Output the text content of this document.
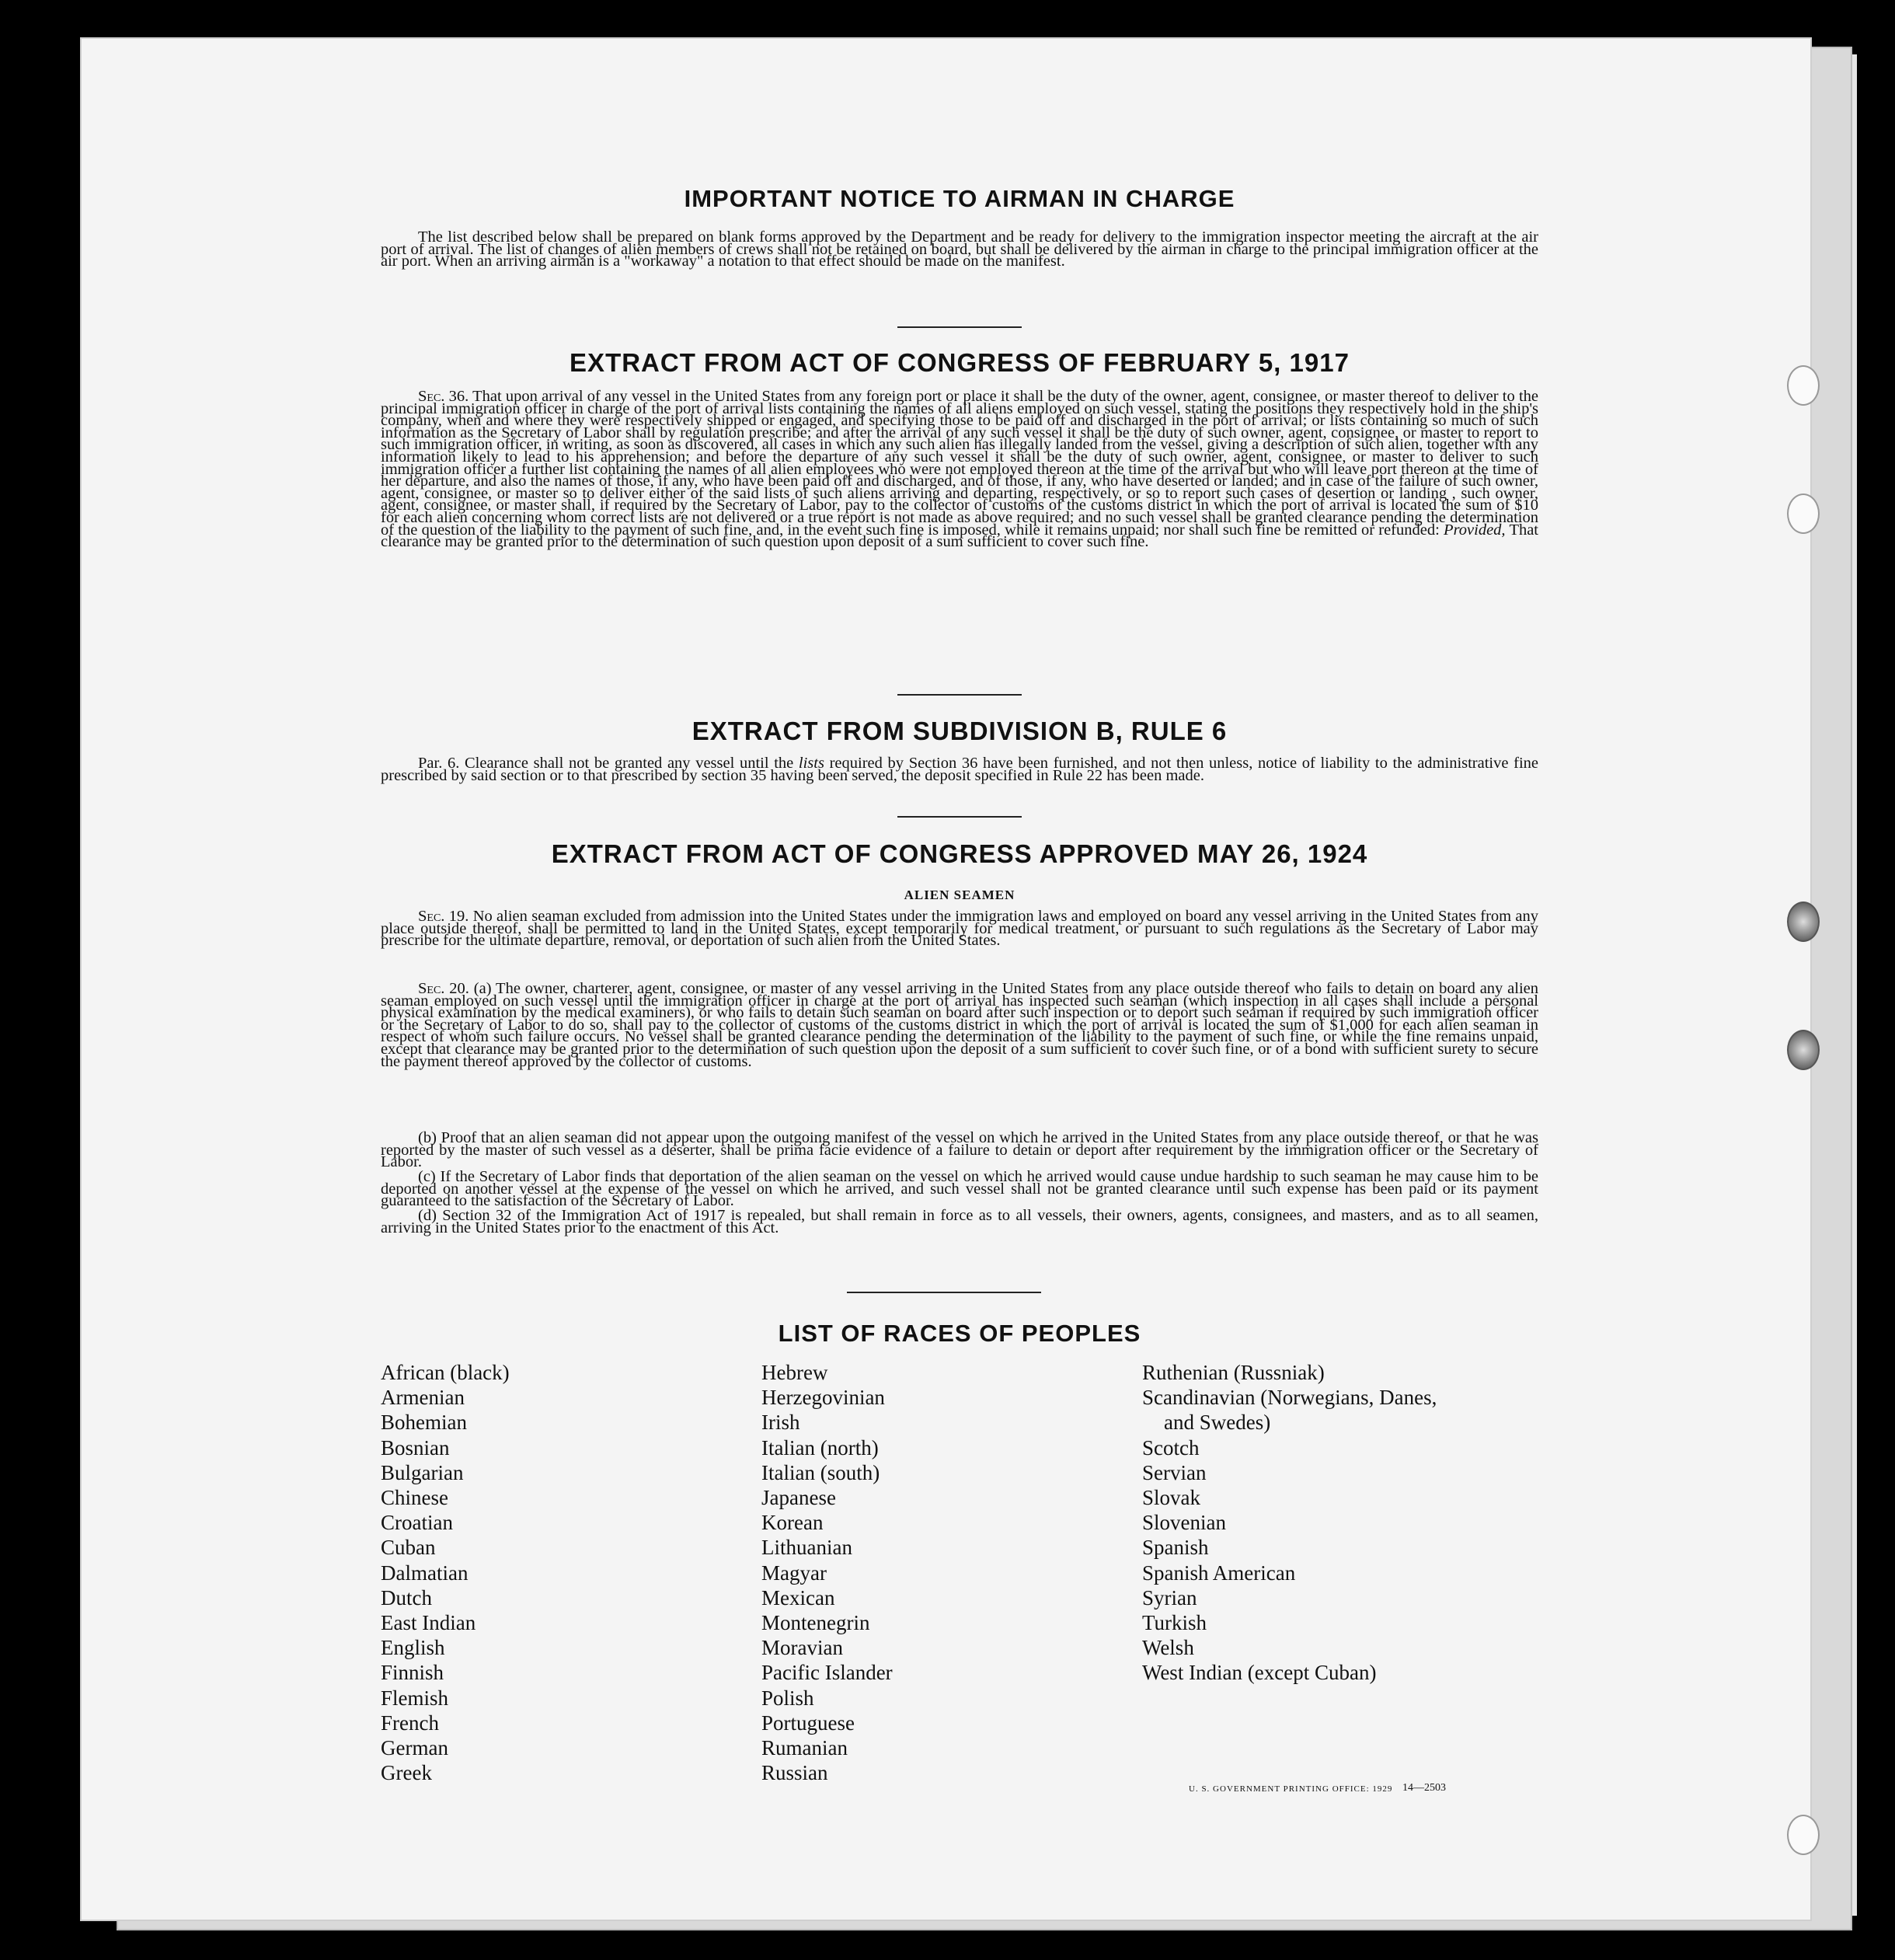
IMPORTANT NOTICE TO AIRMAN IN CHARGE

The list described below shall be prepared on blank forms approved by the Department and be ready for delivery to the immigration inspector meeting the aircraft at the air port of arrival. The list of changes of alien members of crews shall not be retained on board, but shall be delivered by the airman in charge to the principal immigration officer at the air port. When an arriving airman is a "workaway" a notation to that effect should be made on the manifest.

EXTRACT FROM ACT OF CONGRESS OF FEBRUARY 5, 1917

Sec. 36. That upon arrival of any vessel in the United States from any foreign port or place it shall be the duty of the owner, agent, consignee, or master thereof to deliver to the principal immigration officer in charge of the port of arrival lists containing the names of all aliens employed on such vessel, stating the positions they respectively hold in the ship's company, when and where they were respectively shipped or engaged, and specifying those to be paid off and discharged in the port of arrival; or lists containing so much of such information as the Secretary of Labor shall by regulation prescribe; and after the arrival of any such vessel it shall be the duty of such owner, agent, consignee, or master to report to such immigration officer, in writing, as soon as discovered, all cases in which any such alien has illegally landed from the vessel, giving a description of such alien, together with any information likely to lead to his apprehension; and before the departure of any such vessel it shall be the duty of such owner, agent, consignee, or master to deliver to such immigration officer a further list containing the names of all alien employees who were not employed thereon at the time of the arrival but who will leave port thereon at the time of her departure, and also the names of those, if any, who have been paid off and discharged, and of those, if any, who have deserted or landed; and in case of the failure of such owner, agent, consignee, or master so to deliver either of the said lists of such aliens arriving and departing, respectively, or so to report such cases of desertion or landing , such owner, agent, consignee, or master shall, if required by the Secretary of Labor, pay to the collector of customs of the customs district in which the port of arrival is located the sum of $10 for each alien concerning whom correct lists are not delivered or a true report is not made as above required; and no such vessel shall be granted clearance pending the determination of the question of the liability to the payment of such fine, and, in the event such fine is imposed, while it remains unpaid; nor shall such fine be remitted or refunded: Provided, That clearance may be granted prior to the determination of such question upon deposit of a sum sufficient to cover such fine.

EXTRACT FROM SUBDIVISION B, RULE 6

Par. 6. Clearance shall not be granted any vessel until the lists required by Section 36 have been furnished, and not then unless, notice of liability to the administrative fine prescribed by said section or to that prescribed by section 35 having been served, the deposit specified in Rule 22 has been made.

EXTRACT FROM ACT OF CONGRESS APPROVED MAY 26, 1924
ALIEN SEAMEN

Sec. 19. No alien seaman excluded from admission into the United States under the immigration laws and employed on board any vessel arriving in the United States from any place outside thereof, shall be permitted to land in the United States, except temporarily for medical treatment, or pursuant to such regulations as the Secretary of Labor may prescribe for the ultimate departure, removal, or deportation of such alien from the United States.

Sec. 20. (a) The owner, charterer, agent, consignee, or master of any vessel arriving in the United States from any place outside thereof who fails to detain on board any alien seaman employed on such vessel until the immigration officer in charge at the port of arrival has inspected such seaman (which inspection in all cases shall include a personal physical examination by the medical examiners), or who fails to detain such seaman on board after such inspection or to deport such seaman if required by such immigration officer or the Secretary of Labor to do so, shall pay to the collector of customs of the customs district in which the port of arrival is located the sum of $1,000 for each alien seaman in respect of whom such failure occurs. No vessel shall be granted clearance pending the determination of the liability to the payment of such fine, or while the fine remains unpaid, except that clearance may be granted prior to the determination of such question upon the deposit of a sum sufficient to cover such fine, or of a bond with sufficient surety to secure the payment thereof approved by the collector of customs.

(b) Proof that an alien seaman did not appear upon the outgoing manifest of the vessel on which he arrived in the United States from any place outside thereof, or that he was reported by the master of such vessel as a deserter, shall be prima facie evidence of a failure to detain or deport after requirement by the immigration officer or the Secretary of Labor.

(c) If the Secretary of Labor finds that deportation of the alien seaman on the vessel on which he arrived would cause undue hardship to such seaman he may cause him to be deported on another vessel at the expense of the vessel on which he arrived, and such vessel shall not be granted clearance until such expense has been paid or its payment guaranteed to the satisfaction of the Secretary of Labor.

(d) Section 32 of the Immigration Act of 1917 is repealed, but shall remain in force as to all vessels, their owners, agents, consignees, and masters, and as to all seamen, arriving in the United States prior to the enactment of this Act.

LIST OF RACES OF PEOPLES
African (black)
Armenian
Bohemian
Bosnian
Bulgarian
Chinese
Croatian
Cuban
Dalmatian
Dutch
East Indian
English
Finnish
Flemish
French
German
Greek
Hebrew
Herzegovinian
Irish
Italian (north)
Italian (south)
Japanese
Korean
Lithuanian
Magyar
Mexican
Montenegrin
Moravian
Pacific Islander
Polish
Portuguese
Rumanian
Russian
Ruthenian (Russniak)
Scandinavian (Norwegians, Danes,
and Swedes)
Scotch
Servian
Slovak
Slovenian
Spanish
Spanish American
Syrian
Turkish
Welsh
West Indian (except Cuban)
U. S. GOVERNMENT PRINTING OFFICE: 1929 14—2503
